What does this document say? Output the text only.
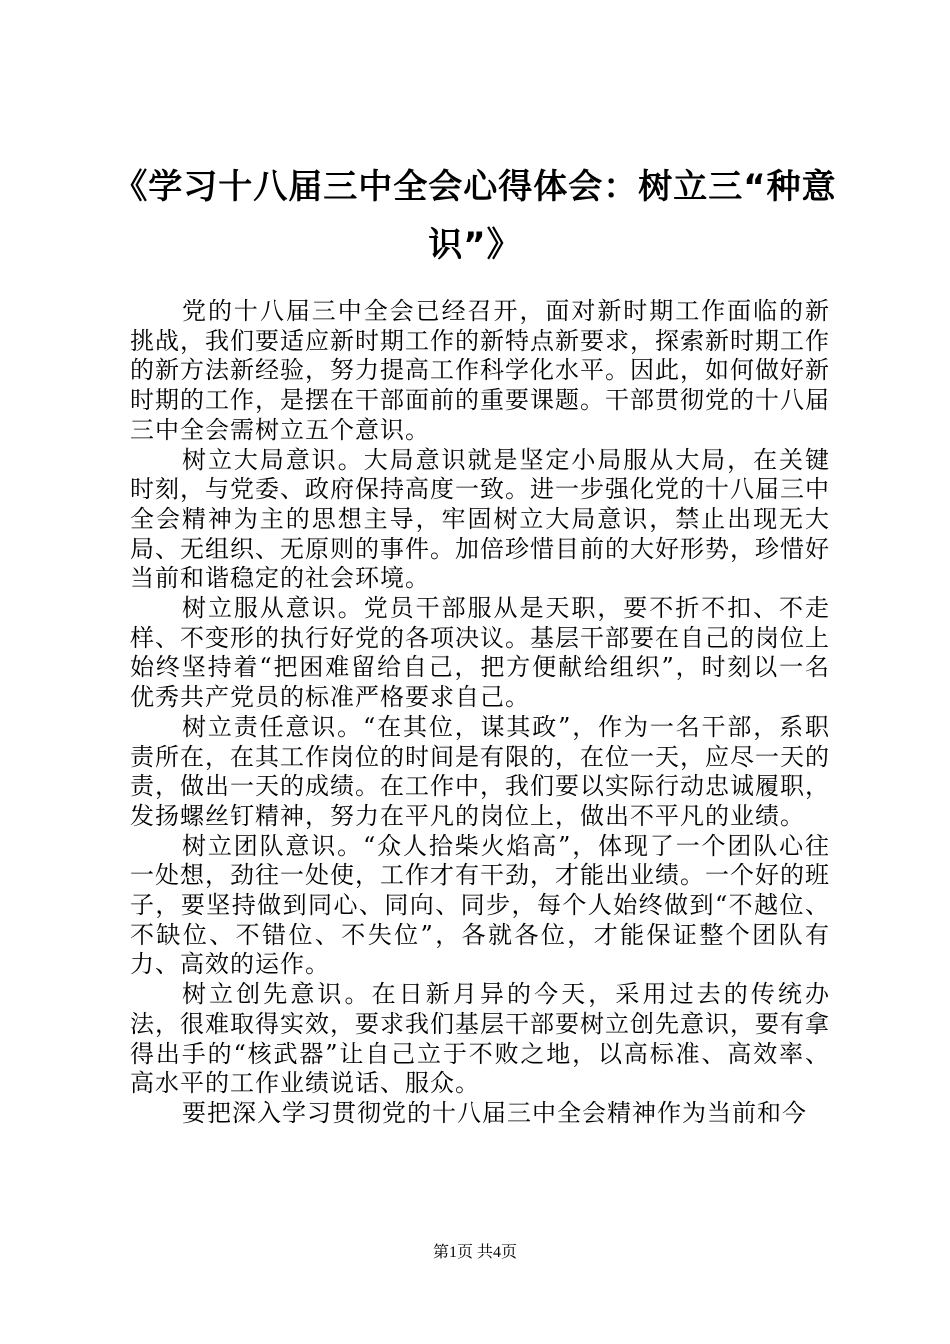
《学习十八届三中全会心得体会：树立三“种意识”》

党的十八届三中全会已经召开，面对新时期工作面临的新挑战，我们要适应新时期工作的新特点新要求，探索新时期工作的新方法新经验，努力提高工作科学化水平。因此，如何做好新时期的工作，是摆在干部面前的重要课题。干部贯彻党的十八届三中全会需树立五个意识。

树立大局意识。大局意识就是坚定小局服从大局，在关键时刻，与党委、政府保持高度一致。进一步强化党的十八届三中全会精神为主的思想主导，牢固树立大局意识，禁止出现无大局、无组织、无原则的事件。加倍珍惜目前的大好形势，珍惜好当前和谐稳定的社会环境。

树立服从意识。党员干部服从是天职，要不折不扣、不走样、不变形的执行好党的各项决议。基层干部要在自己的岗位上始终坚持着“把困难留给自己，把方便献给组织”，时刻以一名优秀共产党员的标准严格要求自己。

树立责任意识。“在其位，谋其政”，作为一名干部，系职责所在，在其工作岗位的时间是有限的，在位一天，应尽一天的责，做出一天的成绩。在工作中，我们要以实际行动忠诚履职，发扬螺丝钉精神，努力在平凡的岗位上，做出不平凡的业绩。

树立团队意识。“众人拾柴火焰高”，体现了一个团队心往一处想，劲往一处使，工作才有干劲，才能出业绩。一个好的班子，要坚持做到同心、同向、同步，每个人始终做到“不越位、不缺位、不错位、不失位”，各就各位，才能保证整个团队有力、高效的运作。

树立创先意识。在日新月异的今天，采用过去的传统办法，很难取得实效，要求我们基层干部要树立创先意识，要有拿得出手的“核武器”让自己立于不败之地，以高标准、高效率、高水平的工作业绩说话、服众。

要把深入学习贯彻党的十八届三中全会精神作为当前和今

第1页 共4页
